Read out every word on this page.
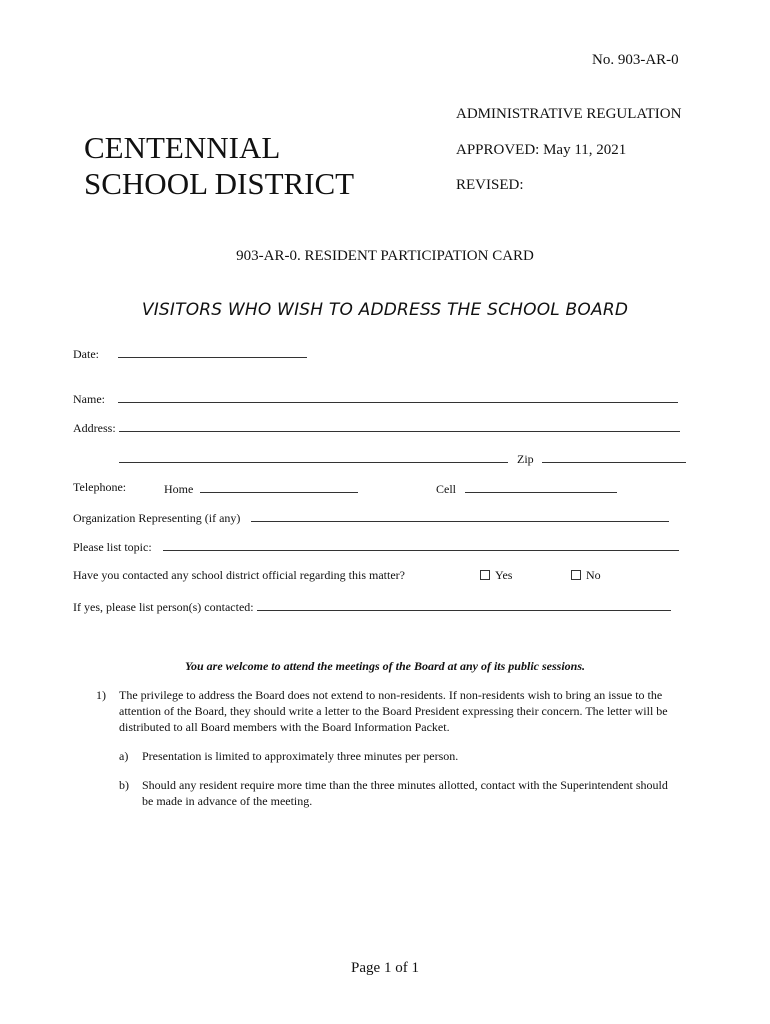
No. 903-AR-0
ADMINISTRATIVE REGULATION
APPROVED: May 11, 2021
REVISED:
CENTENNIAL
SCHOOL DISTRICT
903-AR-0. RESIDENT PARTICIPATION CARD
VISITORS WHO WISH TO ADDRESS THE SCHOOL BOARD
Date:
Name:
Address:
Zip
Telephone:	Home	Cell
Organization Representing (if any)
Please list topic:
Have you contacted any school district official regarding this matter?	Yes	No
If yes, please list person(s) contacted:
You are welcome to attend the meetings of the Board at any of its public sessions.
1) The privilege to address the Board does not extend to non-residents. If non-residents wish to bring an issue to the attention of the Board, they should write a letter to the Board President expressing their concern. The letter will be distributed to all Board members with the Board Information Packet.
a) Presentation is limited to approximately three minutes per person.
b) Should any resident require more time than the three minutes allotted, contact with the Superintendent should be made in advance of the meeting.
Page 1 of 1
